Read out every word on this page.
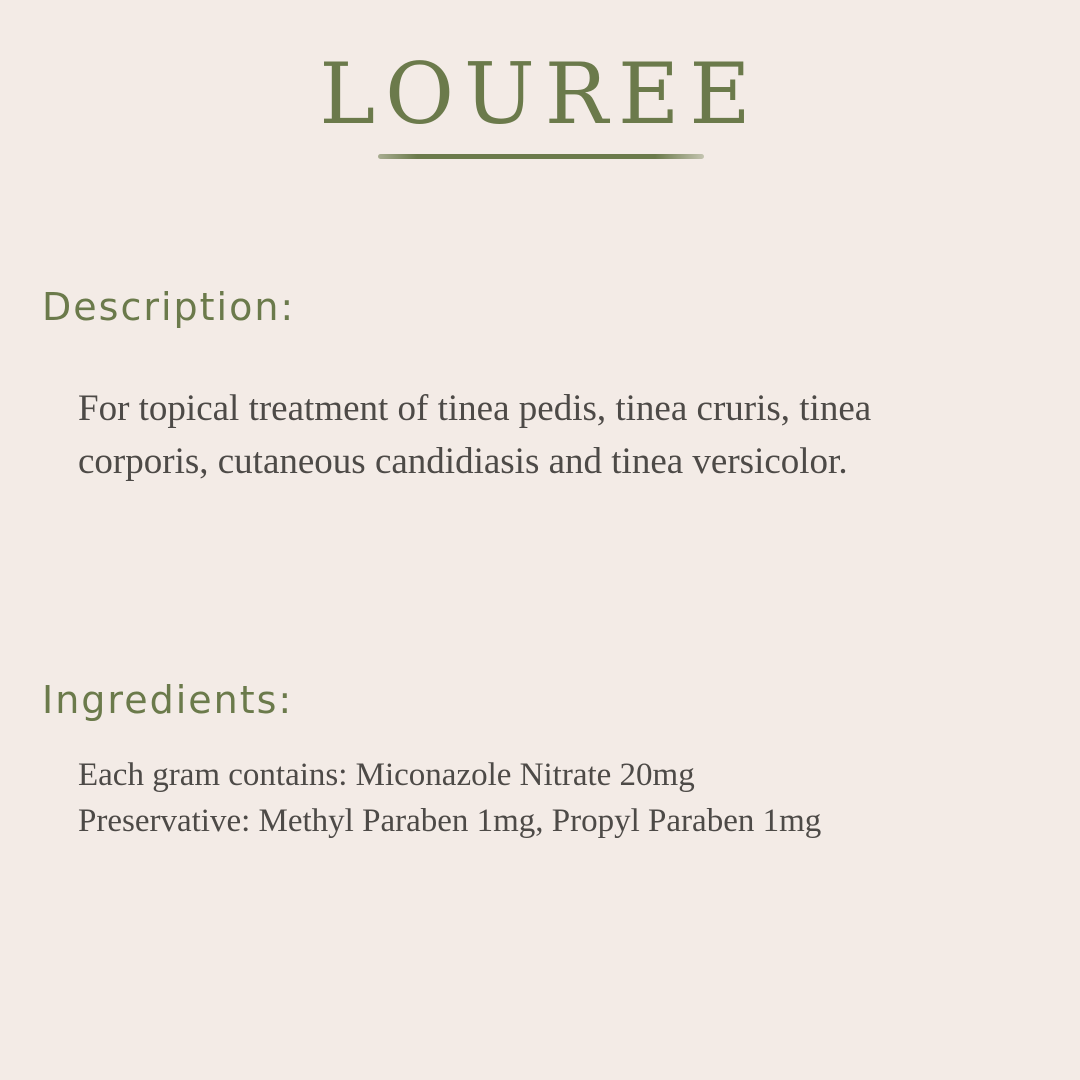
LOUREE
Description:

For topical treatment of tinea pedis, tinea cruris, tinea corporis, cutaneous candidiasis and tinea versicolor.

Ingredients:
Each gram contains: Miconazole Nitrate 20mg
Preservative: Methyl Paraben 1mg, Propyl Paraben 1mg
